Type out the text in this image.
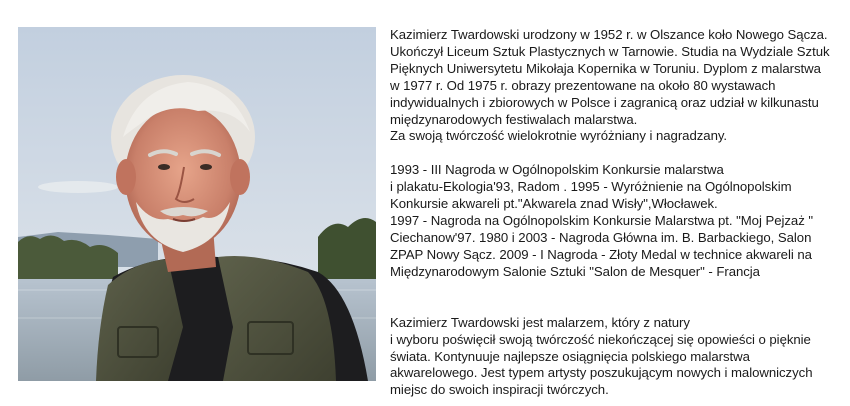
Kazimierz Twardowski urodzony w 1952 r. w Olszance koło Nowego Sącza.
Ukończył Liceum Sztuk Plastycznych w Tarnowie. Studia na Wydziale Sztuk
Pięknych Uniwersytetu Mikołaja Kopernika w Toruniu. Dyplom z malarstwa
w 1977 r. Od 1975 r. obrazy prezentowane na około 80 wystawach
indywidualnych i zbiorowych w Polsce i zagranicą oraz udział w kilkunastu
międzynarodowych festiwalach malarstwa.
Za swoją twórczość wielokrotnie wyróżniany i nagradzany.

1993 - III Nagroda w Ogólnopolskim Konkursie malarstwa
i plakatu-Ekologia'93, Radom . 1995 - Wyróżnienie na Ogólnopolskim
Konkursie akwareli pt."Akwarela znad Wisły",Włocławek.
1997 - Nagroda na Ogólnopolskim Konkursie Malarstwa pt. "Moj Pejzaż "
Ciechanow'97. 1980 i 2003 - Nagroda Główna im. B. Barbackiego, Salon
ZPAP Nowy Sącz. 2009 - I Nagroda - Złoty Medal w technice akwareli na
Międzynarodowym Salonie Sztuki "Salon de Mesquer" - Francja

Kazimierz Twardowski jest malarzem, który z natury
i wyboru poświęcił swoją twórczość niekończącej się opowieści o pięknie
świata. Kontynuuje najlepsze osiągnięcia polskiego malarstwa
akwarelowego. Jest typem artysty poszukującym nowych i malowniczych
miejsc do swoich inspiracji twórczych.
